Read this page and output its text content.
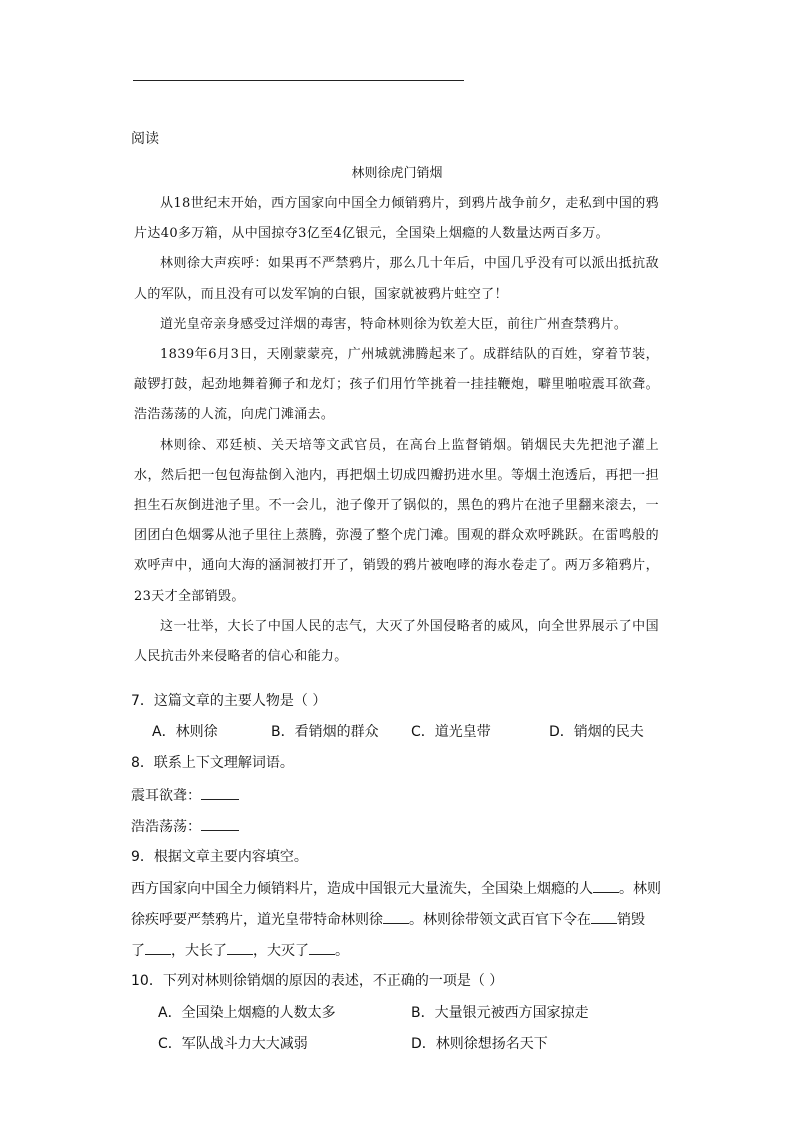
阅读
林则徐虎门销烟

从18世纪末开始，西方国家向中国全力倾销鸦片，到鸦片战争前夕，走私到中国的鸦片达40多万箱，从中国掠夺3亿至4亿银元，全国染上烟瘾的人数量达两百多万。

林则徐大声疾呼：如果再不严禁鸦片，那么几十年后，中国几乎没有可以派出抵抗敌人的军队，而且没有可以发军饷的白银，国家就被鸦片蛀空了！

道光皇帝亲身感受过洋烟的毒害，特命林则徐为钦差大臣，前往广州查禁鸦片。

1839年6月3日，天刚蒙蒙亮，广州城就沸腾起来了。成群结队的百姓，穿着节装，敲锣打鼓，起劲地舞着狮子和龙灯；孩子们用竹竿挑着一挂挂鞭炮，噼里啪啦震耳欲聋。浩浩荡荡的人流，向虎门滩涌去。

林则徐、邓廷桢、关天培等文武官员，在高台上监督销烟。销烟民夫先把池子灌上水，然后把一包包海盐倒入池内，再把烟土切成四瓣扔进水里。等烟土泡透后，再把一担担生石灰倒进池子里。不一会儿，池子像开了锅似的，黑色的鸦片在池子里翻来滚去，一团团白色烟雾从池子里往上蒸腾，弥漫了整个虎门滩。围观的群众欢呼跳跃。在雷鸣般的欢呼声中，通向大海的涵洞被打开了，销毁的鸦片被咆哮的海水卷走了。两万多箱鸦片，23天才全部销毁。

这一壮举，大长了中国人民的志气，大灭了外国侵略者的威风，向全世界展示了中国人民抗击外来侵略者的信心和能力。

7．这篇文章的主要人物是（ ）
A．林则徐	B．看销烟的群众 C．道光皇带	D．销烟的民夫
8．联系上下文理解词语。
震耳欲聋：
浩浩荡荡：
9．根据文章主要内容填空。
西方国家向中国全力倾销料片，造成中国银元大量流失，全国染上烟瘾的人 。林则
徐疾呼要严禁鸦片，道光皇带特命林则徐 。林则徐带领文武百官下令在 销毁
了 ，大长了 ，大灭了 。
10．下列对林则徐销烟的原因的表述，不正确的一项是（ ）
A．全国染上烟瘾的人数太多	B．大量银元被西方国家掠走
C．军队战斗力大大减弱	D．林则徐想扬名天下
